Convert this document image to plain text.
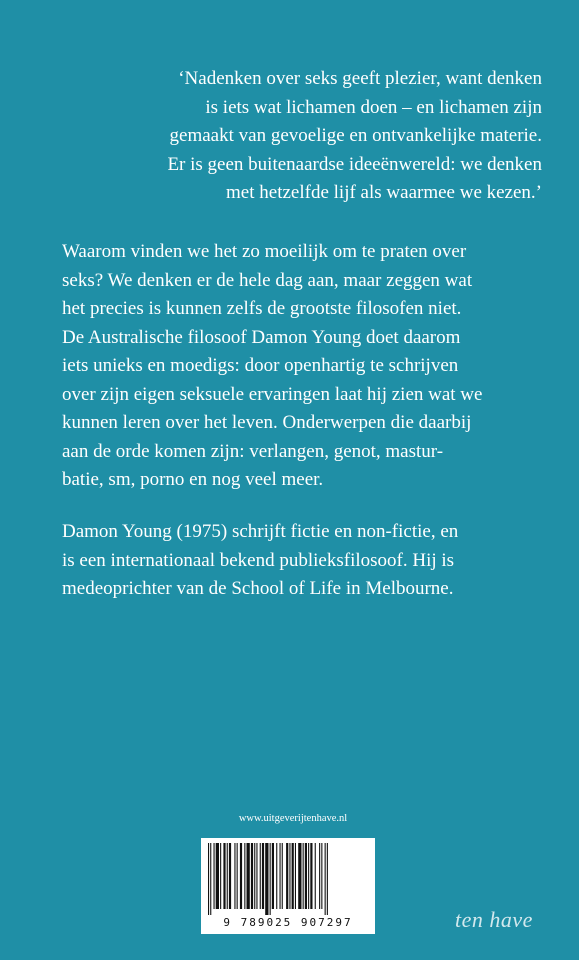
‘Nadenken over seks geeft plezier, want denken
is iets wat lichamen doen – en lichamen zijn
gemaakt van gevoelige en ontvankelijke materie.
Er is geen buitenaardse ideeënwereld: we denken
met hetzelfde lijf als waarmee we kezen.’
Waarom vinden we het zo moeilijk om te praten over
seks? We denken er de hele dag aan, maar zeggen wat
het precies is kunnen zelfs de grootste filosofen niet.
De Australische filosoof Damon Young doet daarom
iets unieks en moedigs: door openhartig te schrijven
over zijn eigen seksuele ervaringen laat hij zien wat we
kunnen leren over het leven. Onderwerpen die daarbij
aan de orde komen zijn: verlangen, genot, mastur-
batie, sm, porno en nog veel meer.
Damon Young (1975) schrijft fictie en non-fictie, en
is een internationaal bekend publieksfilosoof. Hij is
medeoprichter van de School of Life in Melbourne.
www.uitgeverijtenhave.nl
9 789025 907297	ten have
